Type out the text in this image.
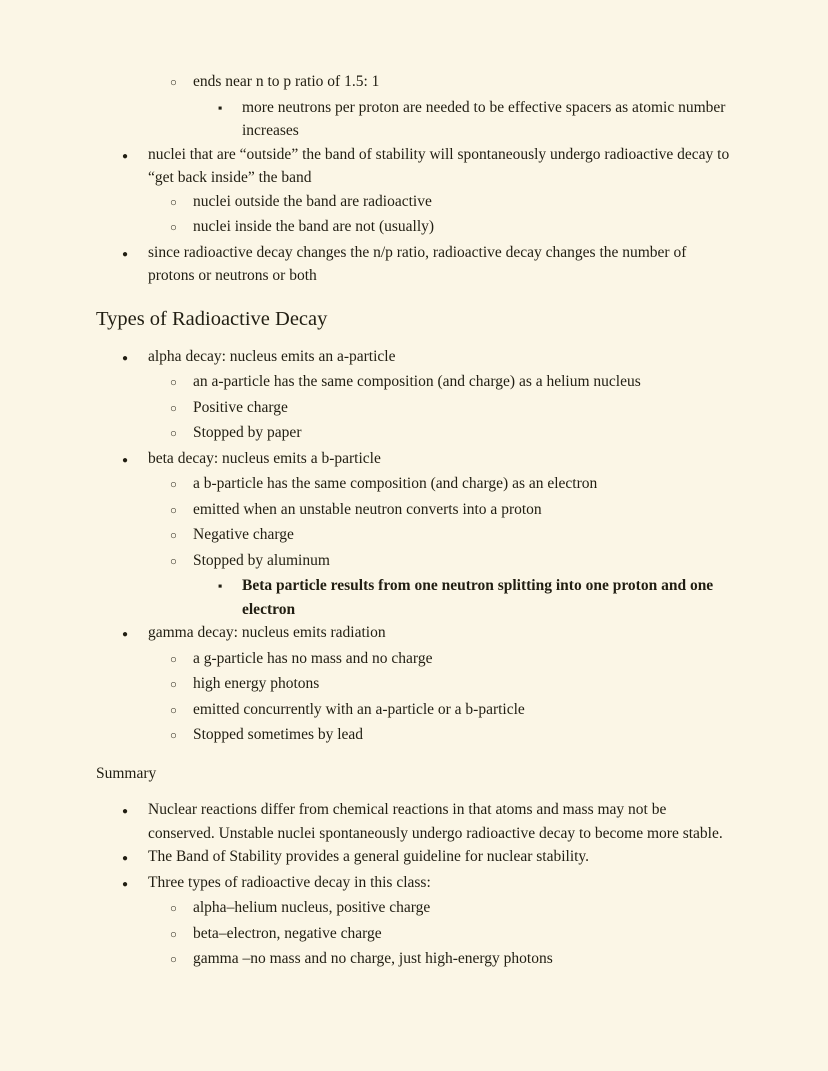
○	ends near n to p ratio of 1.5: 1
▪	more neutrons per proton are needed to be effective spacers as atomic number increases
●	nuclei that are “outside” the band of stability will spontaneously undergo radioactive decay to “get back inside” the band
○	nuclei outside the band are radioactive
○	nuclei inside the band are not (usually)
●	since radioactive decay changes the n/p ratio, radioactive decay changes the number of protons or neutrons or both
Types of Radioactive Decay
●	alpha decay: nucleus emits an a-particle
○	an a-particle has the same composition (and charge) as a helium nucleus
○	Positive charge
○	Stopped by paper
●	beta decay: nucleus emits a b-particle
○	a b-particle has the same composition (and charge) as an electron
○	emitted when an unstable neutron converts into a proton
○	Negative charge
○	Stopped by aluminum
▪	Beta particle results from one neutron splitting into one proton and one electron
●	gamma decay: nucleus emits radiation
○	a g-particle has no mass and no charge
○	high energy photons
○	emitted concurrently with an a-particle or a b-particle
○	Stopped sometimes by lead

Summary

●	Nuclear reactions differ from chemical reactions in that atoms and mass may not be conserved. Unstable nuclei spontaneously undergo radioactive decay to become more stable.
●	The Band of Stability provides a general guideline for nuclear stability.
●	Three types of radioactive decay in this class:
○	alpha–helium nucleus, positive charge
○	beta–electron, negative charge
○	gamma –no mass and no charge, just high-energy photons
